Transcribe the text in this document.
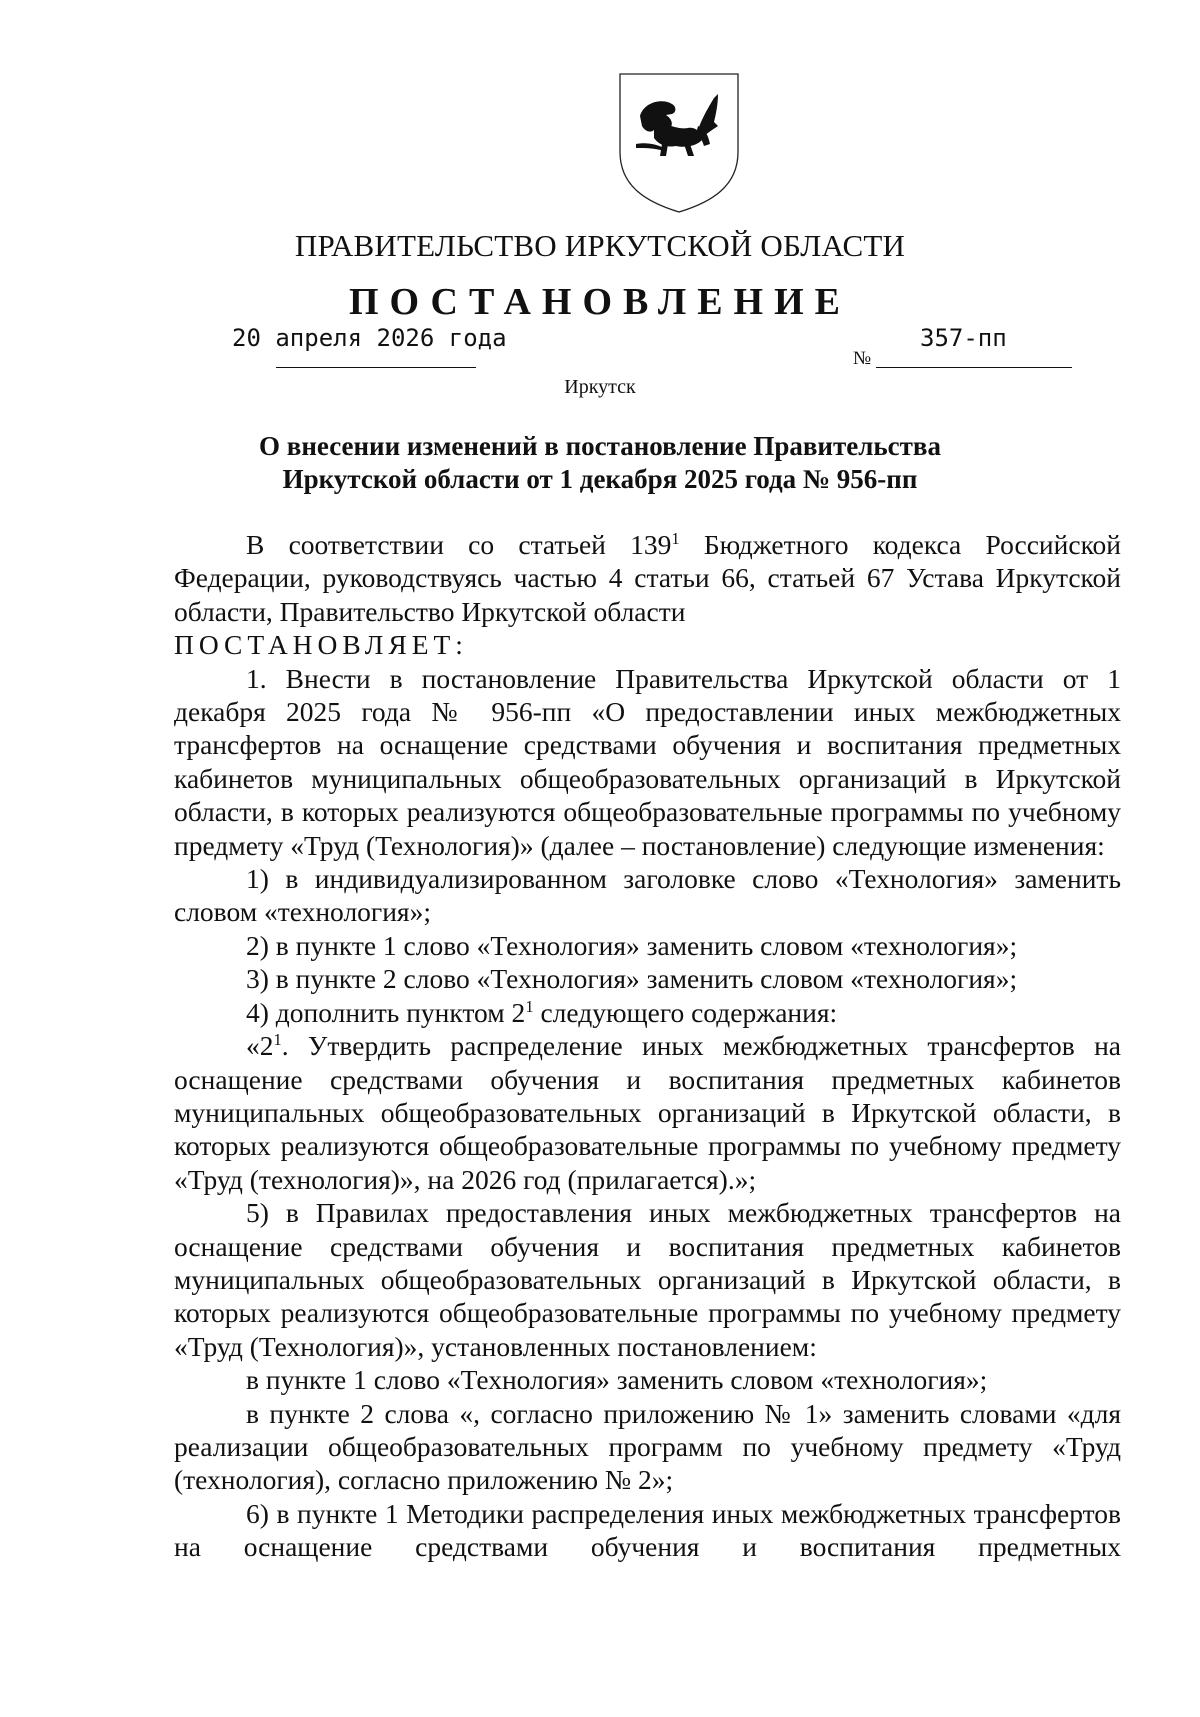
ПРАВИТЕЛЬСТВО ИРКУТСКОЙ ОБЛАСТИ
ПОСТАНОВЛЕНИЕ
20 апреля 2026 года
№
357-пп
Иркутск
О внесении изменений в постановление Правительства
Иркутской области от 1 декабря 2025 года № 956-пп

В соответствии со статьей $139^1$ Бюджетного кодекса Российской Федерации, руководствуясь частью 4 статьи 66, статьей 67 Устава Иркутской области, Правительство Иркутской области

ПОСТАНОВЛЯЕТ:

1. Внести в постановление Правительства Иркутской области от 1 декабря 2025 года № 956-пп «О предоставлении иных межбюджетных трансфертов на оснащение средствами обучения и воспитания предметных кабинетов муниципальных общеобразовательных организаций в Иркутской области, в которых реализуются общеобразовательные программы по учебному предмету «Труд (Технология)» (далее – постановление) следующие изменения:

1) в индивидуализированном заголовке слово «Технология» заменить словом «технология»;

2) в пункте 1 слово «Технология» заменить словом «технология»;

3) в пункте 2 слово «Технология» заменить словом «технология»;

4) дополнить пунктом $2^1$ следующего содержания:

«$2^1$. Утвердить распределение иных межбюджетных трансфертов на оснащение средствами обучения и воспитания предметных кабинетов муниципальных общеобразовательных организаций в Иркутской области, в которых реализуются общеобразовательные программы по учебному предмету «Труд (технология)», на 2026 год (прилагается).»;

5) в Правилах предоставления иных межбюджетных трансфертов на оснащение средствами обучения и воспитания предметных кабинетов муниципальных общеобразовательных организаций в Иркутской области, в которых реализуются общеобразовательные программы по учебному предмету «Труд (Технология)», установленных постановлением:

в пункте 1 слово «Технология» заменить словом «технология»;

в пункте 2 слова «, согласно приложению № 1» заменить словами «для реализации общеобразовательных программ по учебному предмету «Труд (технология), согласно приложению № 2»;

6) в пункте 1 Методики распределения иных межбюджетных трансфертов на оснащение средствами обучения и воспитания предметных
